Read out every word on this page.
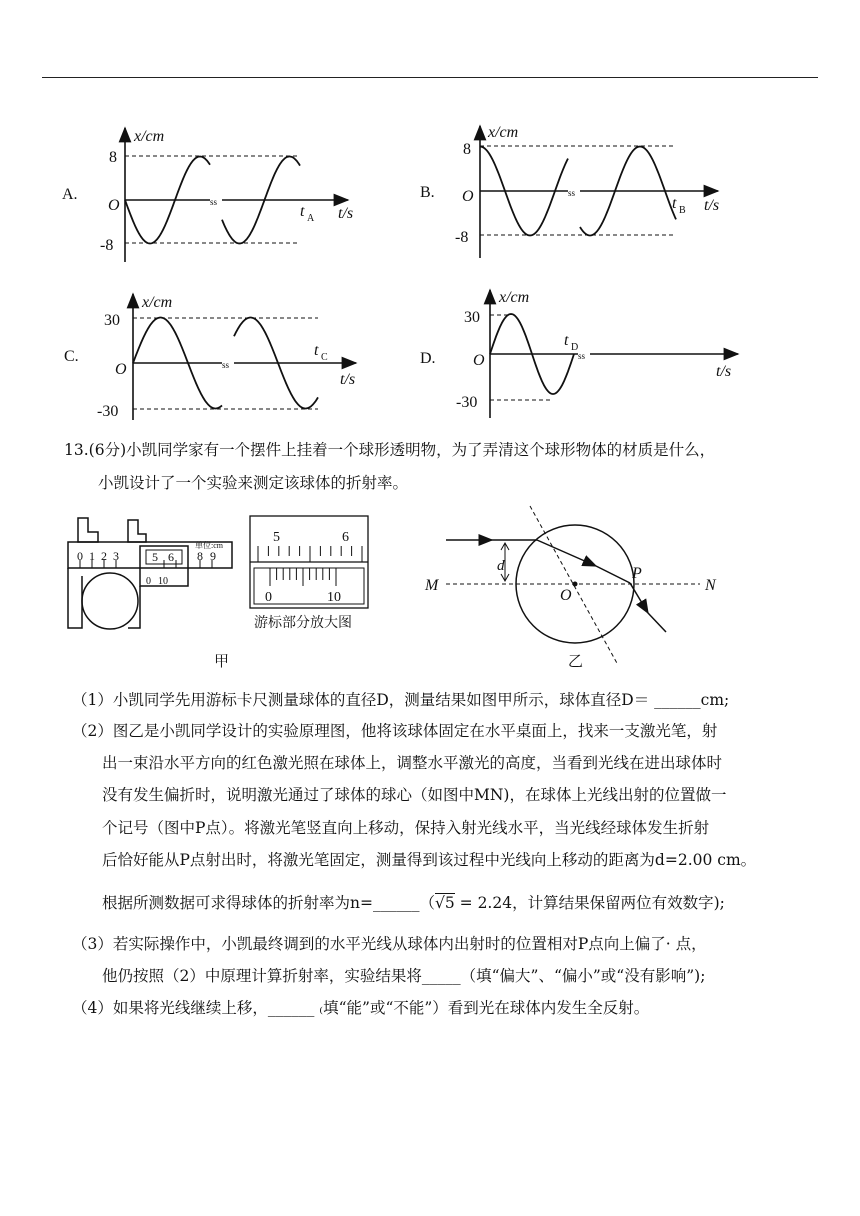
A.	B.
C.	D.
x/cm
8
-8
O	t A t/s
ss
x/cm
8
-8
O	t B t/s
ss
x/cm
30
-30
O
t C
t/s
ss
x/cm
30
-30
O
t D
t/s
ss
单位:cm
0 1 2 3	5 6 8 9
0 10
5	6
0	10
M	N
O
P
d
游标部分放大图
甲	乙
13.(6分)小凯同学家有一个摆件上挂着一个球形透明物，为了弄清这个球形物体的材质是什么，
小凯设计了一个实验来测定该球体的折射率。
（1）小凯同学先用游标卡尺测量球体的直径D，测量结果如图甲所示，球体直径D＝ ______cm;
（2）图乙是小凯同学设计的实验原理图，他将该球体固定在水平桌面上，找来一支激光笔，射
出一束沿水平方向的红色激光照在球体上，调整水平激光的高度，当看到光线在进出球体时
没有发生偏折时，说明激光通过了球体的球心（如图中MN)，在球体上光线出射的位置做一
个记号（图中P点）。将激光笔竖直向上移动，保持入射光线水平，当光线经球体发生折射
后恰好能从P点射出时，将激光笔固定，测量得到该过程中光线向上移动的距离为d=2.00 cm。
根据所测数据可求得球体的折射率为n=______（√5 = 2.24，计算结果保留两位有效数字);
（3）若实际操作中，小凯最终调到的水平光线从球体内出射时的位置相对P点向上偏了· 点，
他仍按照（2）中原理计算折射率，实验结果将_____（填“偏大”、“偏小”或“没有影响”);
（4）如果将光线继续上移，______ ₍填“能”或“不能”）看到光在球体内发生全反射。
